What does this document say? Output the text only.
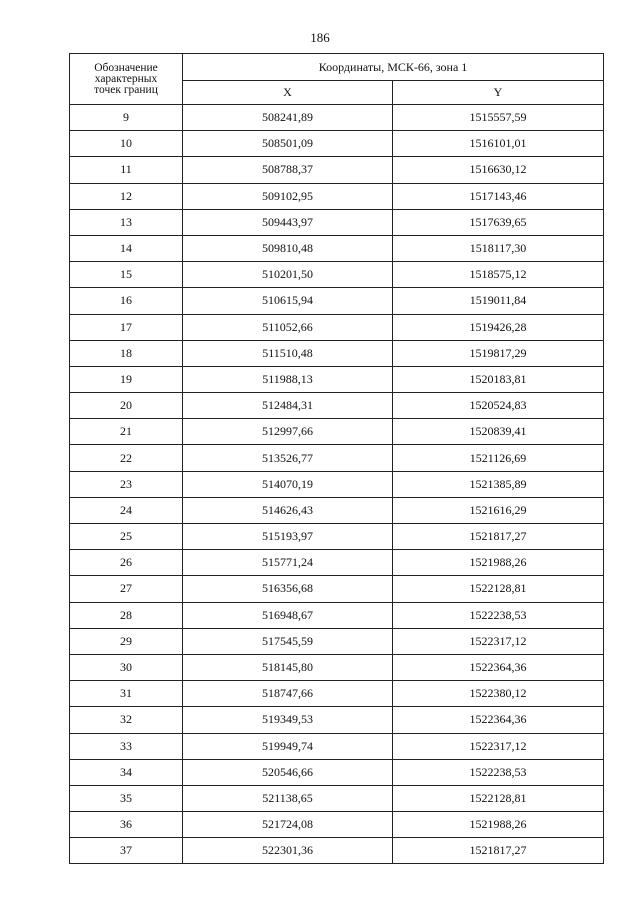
186
Обозначение
характерных
точек границ	Координаты, МСК-66, зона 1	
	X	Y
9	508241,89	1515557,59
10	508501,09	1516101,01
11	508788,37	1516630,12
12	509102,95	1517143,46
13	509443,97	1517639,65
14	509810,48	1518117,30
15	510201,50	1518575,12
16	510615,94	1519011,84
17	511052,66	1519426,28
18	511510,48	1519817,29
19	511988,13	1520183,81
20	512484,31	1520524,83
21	512997,66	1520839,41
22	513526,77	1521126,69
23	514070,19	1521385,89
24	514626,43	1521616,29
25	515193,97	1521817,27
26	515771,24	1521988,26
27	516356,68	1522128,81
28	516948,67	1522238,53
29	517545,59	1522317,12
30	518145,80	1522364,36
31	518747,66	1522380,12
32	519349,53	1522364,36
33	519949,74	1522317,12
34	520546,66	1522238,53
35	521138,65	1522128,81
36	521724,08	1521988,26
37	522301,36	1521817,27
